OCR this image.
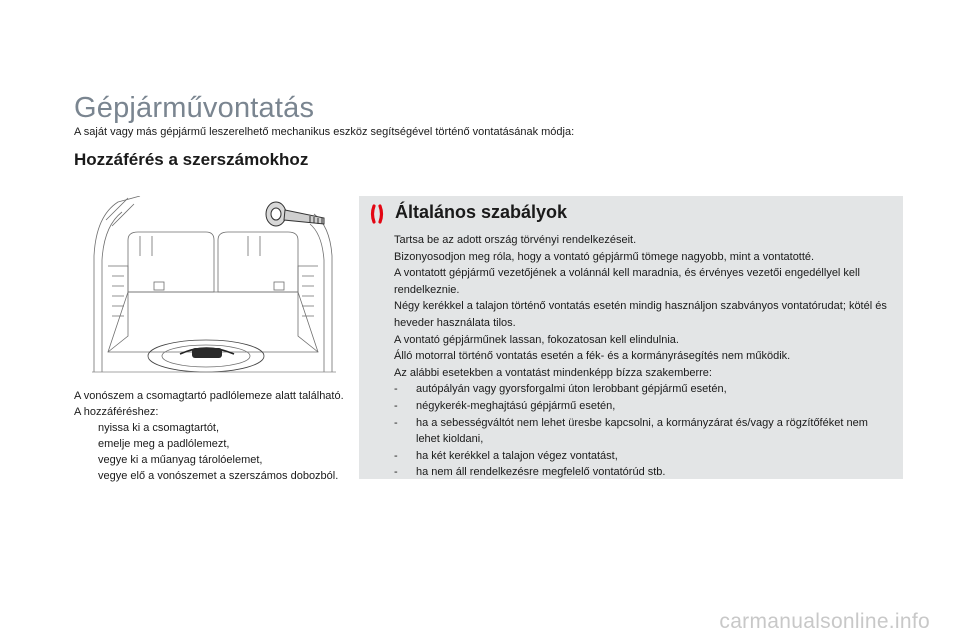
Gépjárművontatás
A saját vagy más gépjármű leszerelhető mechanikus eszköz segítségével történő vontatásának módja:
Hozzáférés a szerszámokhoz

A vonószem a csomagtartó padlólemeze alatt található.

A hozzáféréshez:

nyissa ki a csomagtartót,
emelje meg a padlólemezt,
vegye ki a műanyag tárolóelemet,
vegye elő a vonószemet a szerszámos dobozból.
Általános szabályok

Tartsa be az adott ország törvényi rendelkezéseit.

Bizonyosodjon meg róla, hogy a vontató gépjármű tömege nagyobb, mint a vontatotté.

A vontatott gépjármű vezetőjének a volánnál kell maradnia, és érvényes vezetői engedéllyel kell rendelkeznie.

Négy kerékkel a talajon történő vontatás esetén mindig használjon szabványos vontatórudat; kötél és heveder használata tilos.

A vontató gépjárműnek lassan, fokozatosan kell elindulnia.

Álló motorral történő vontatás esetén a fék- és a kormányrásegítés nem működik.

Az alábbi esetekben a vontatást mindenképp bízza szakemberre:

- autópályán vagy gyorsforgalmi úton lerobbant gépjármű esetén,
- négykerék-meghajtású gépjármű esetén,
- ha a sebességváltót nem lehet üresbe kapcsolni, a kormányzárat és/vagy a rögzítőféket nem lehet kioldani,
- ha két kerékkel a talajon végez vontatást,
- ha nem áll rendelkezésre megfelelő vontatórúd stb.
carmanualsonline.info
